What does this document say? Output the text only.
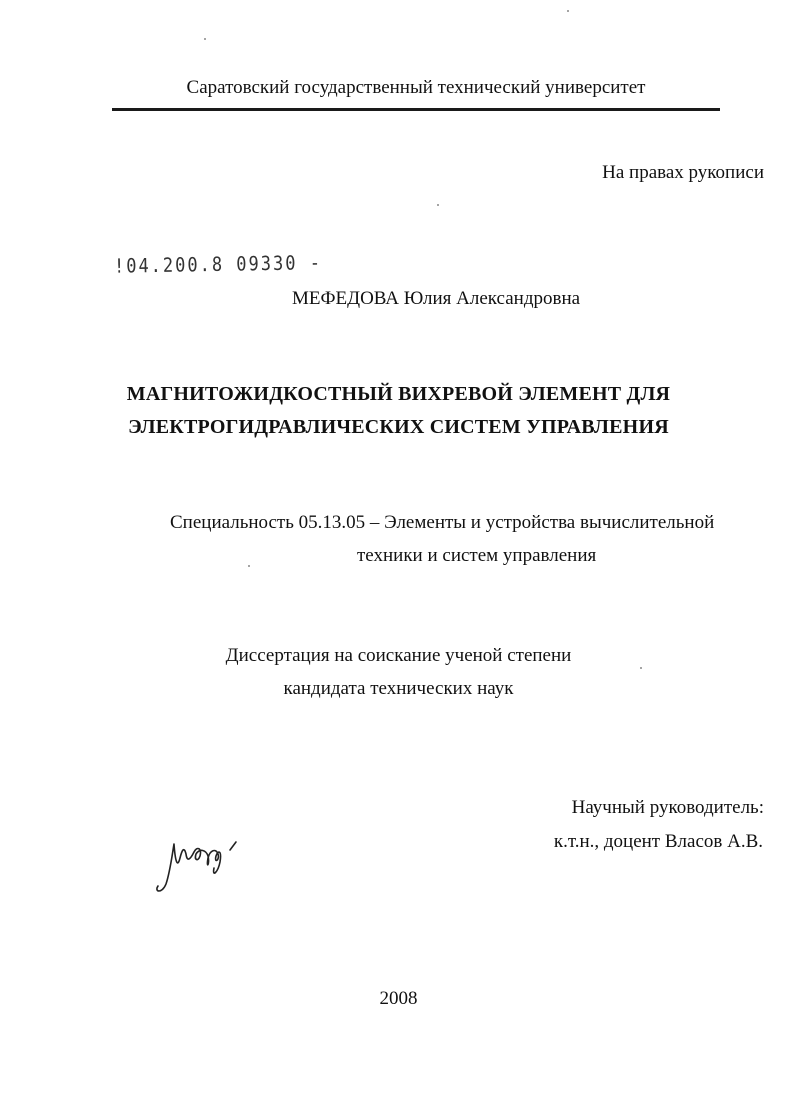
Саратовский государственный технический университет
На правах рукописи
!04.200.8 09330 -
МЕФЕДОВА Юлия Александровна
МАГНИТОЖИДКОСТНЫЙ ВИХРЕВОЙ ЭЛЕМЕНТ ДЛЯ
ЭЛЕКТРОГИДРАВЛИЧЕСКИХ СИСТЕМ УПРАВЛЕНИЯ
Специальность 05.13.05 – Элементы и устройства вычислительной
техники и систем управления
Диссертация на соискание ученой степени
кандидата технических наук
Научный руководитель:
к.т.н., доцент Власов А.В.
2008
